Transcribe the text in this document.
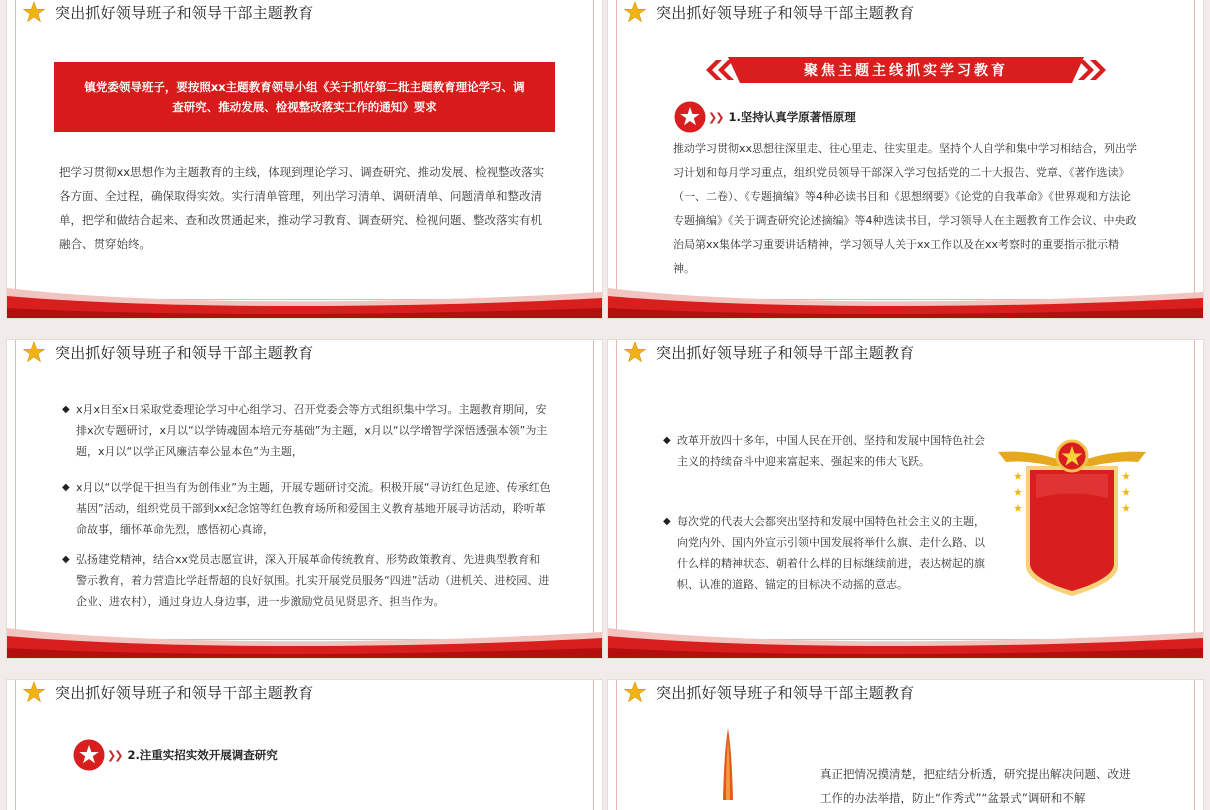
突出抓好领导班子和领导干部主题教育
镇党委领导班子，要按照xx主题教育领导小组《关于抓好第二批主题教育理论学习、调查研究、推动发展、检视整改落实工作的通知》要求
把学习贯彻xx思想作为主题教育的主线，体现到理论学习、调查研究、推动发展、检视整改落实各方面、全过程，确保取得实效。实行清单管理，列出学习清单、调研清单、问题清单和整改清单，把学和做结合起来、查和改贯通起来，推动学习教育、调查研究、检视问题、整改落实有机融合、贯穿始终。
突出抓好领导班子和领导干部主题教育
聚焦主题主线抓实学习教育
❯❯ 1.坚持认真学原著悟原理
推动学习贯彻xx思想往深里走、往心里走、往实里走。坚持个人自学和集中学习相结合，列出学习计划和每月学习重点，组织党员领导干部深入学习包括党的二十大报告、党章、《著作选读》（一、二卷）、《专题摘编》等4种必读书目和《思想纲要》《论党的自我革命》《世界观和方法论专题摘编》《关于调查研究论述摘编》等4种选读书目，学习领导人在主题教育工作会议、中央政治局第xx集体学习重要讲话精神，学习领导人关于xx工作以及在xx考察时的重要指示批示精神。
突出抓好领导班子和领导干部主题教育
◆ x月x日至x日采取党委理论学习中心组学习、召开党委会等方式组织集中学习。主题教育期间，安排x次专题研讨，x月以“以学铸魂固本培元夯基础”为主题，x月以“以学增智学深悟透强本领”为主题，x月以“以学正风廉洁奉公显本色”为主题，
◆ x月以“以学促干担当有为创伟业”为主题，开展专题研讨交流。积极开展“寻访红色足迹、传承红色基因”活动，组织党员干部到xx纪念馆等红色教育场所和爱国主义教育基地开展寻访活动，聆听革命故事，缅怀革命先烈，感悟初心真谛，
◆ 弘扬建党精神，结合xx党员志愿宣讲，深入开展革命传统教育、形势政策教育、先进典型教育和警示教育，着力营造比学赶帮超的良好氛围。扎实开展党员服务“四进”活动（进机关、进校园、进企业、进农村），通过身边人身边事，进一步激励党员见贤思齐、担当作为。
突出抓好领导班子和领导干部主题教育
◆ 改革开放四十多年，中国人民在开创、坚持和发展中国特色社会主义的持续奋斗中迎来富起来、强起来的伟大飞跃。
◆ 每次党的代表大会都突出坚持和发展中国特色社会主义的主题，向党内外、国内外宣示引领中国发展将举什么旗、走什么路、以什么样的精神状态、朝着什么样的目标继续前进，表达树起的旗帜、认准的道路、锚定的目标决不动摇的意志。
突出抓好领导班子和领导干部主题教育
❯❯ 2.注重实招实效开展调查研究
突出抓好领导班子和领导干部主题教育
真正把情况摸清楚，把症结分析透，研究提出解决问题、改进工作的办法举措，防止“作秀式”“盆景式”调研和不解
